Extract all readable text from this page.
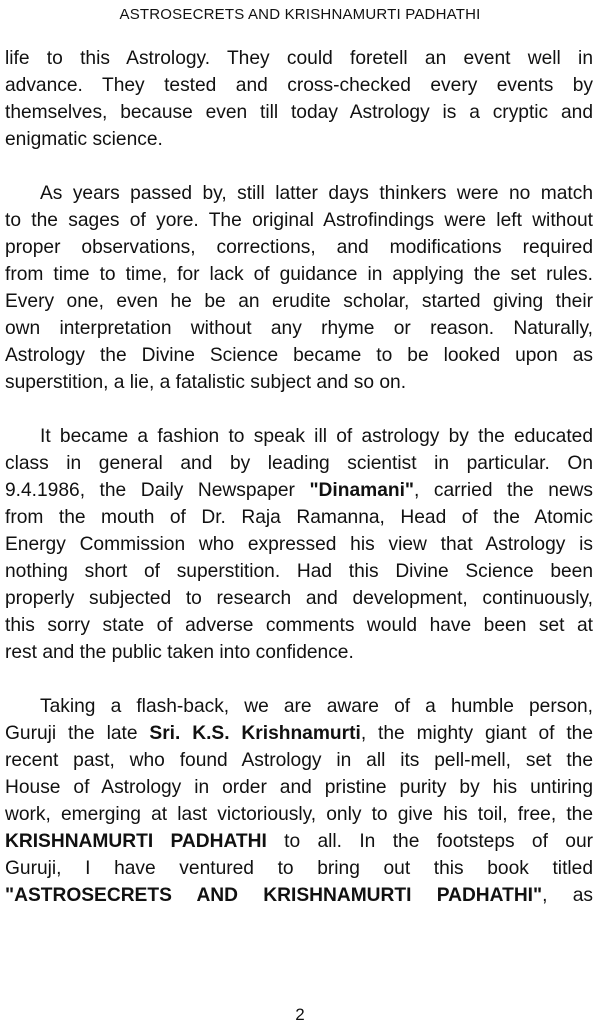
ASTROSECRETS AND KRISHNAMURTI PADHATHI

life to this Astrology. They could foretell an event well in
advance. They tested and cross-checked every events by
themselves, because even till today Astrology is a cryptic and
enigmatic science.

As years passed by, still latter days thinkers were no match
to the sages of yore. The original Astrofindings were left without
proper observations, corrections, and modifications required
from time to time, for lack of guidance in applying the set rules.
Every one, even he be an erudite scholar, started giving their
own interpretation without any rhyme or reason. Naturally,
Astrology the Divine Science became to be looked upon as
superstition, a lie, a fatalistic subject and so on.

It became a fashion to speak ill of astrology by the educated
class in general and by leading scientist in particular. On
9.4.1986, the Daily Newspaper "Dinamani", carried the news
from the mouth of Dr. Raja Ramanna, Head of the Atomic
Energy Commission who expressed his view that Astrology is
nothing short of superstition. Had this Divine Science been
properly subjected to research and development, continuously,
this sorry state of adverse comments would have been set at
rest and the public taken into confidence.

Taking a flash-back, we are aware of a humble person,
Guruji the late Sri. K.S. Krishnamurti, the mighty giant of the
recent past, who found Astrology in all its pell-mell, set the
House of Astrology in order and pristine purity by his untiring
work, emerging at last victoriously, only to give his toil, free, the
KRISHNAMURTI PADHATHI to all. In the footsteps of our
Guruji, I have ventured to bring out this book titled
"ASTROSECRETS AND KRISHNAMURTI PADHATHI", as

2
